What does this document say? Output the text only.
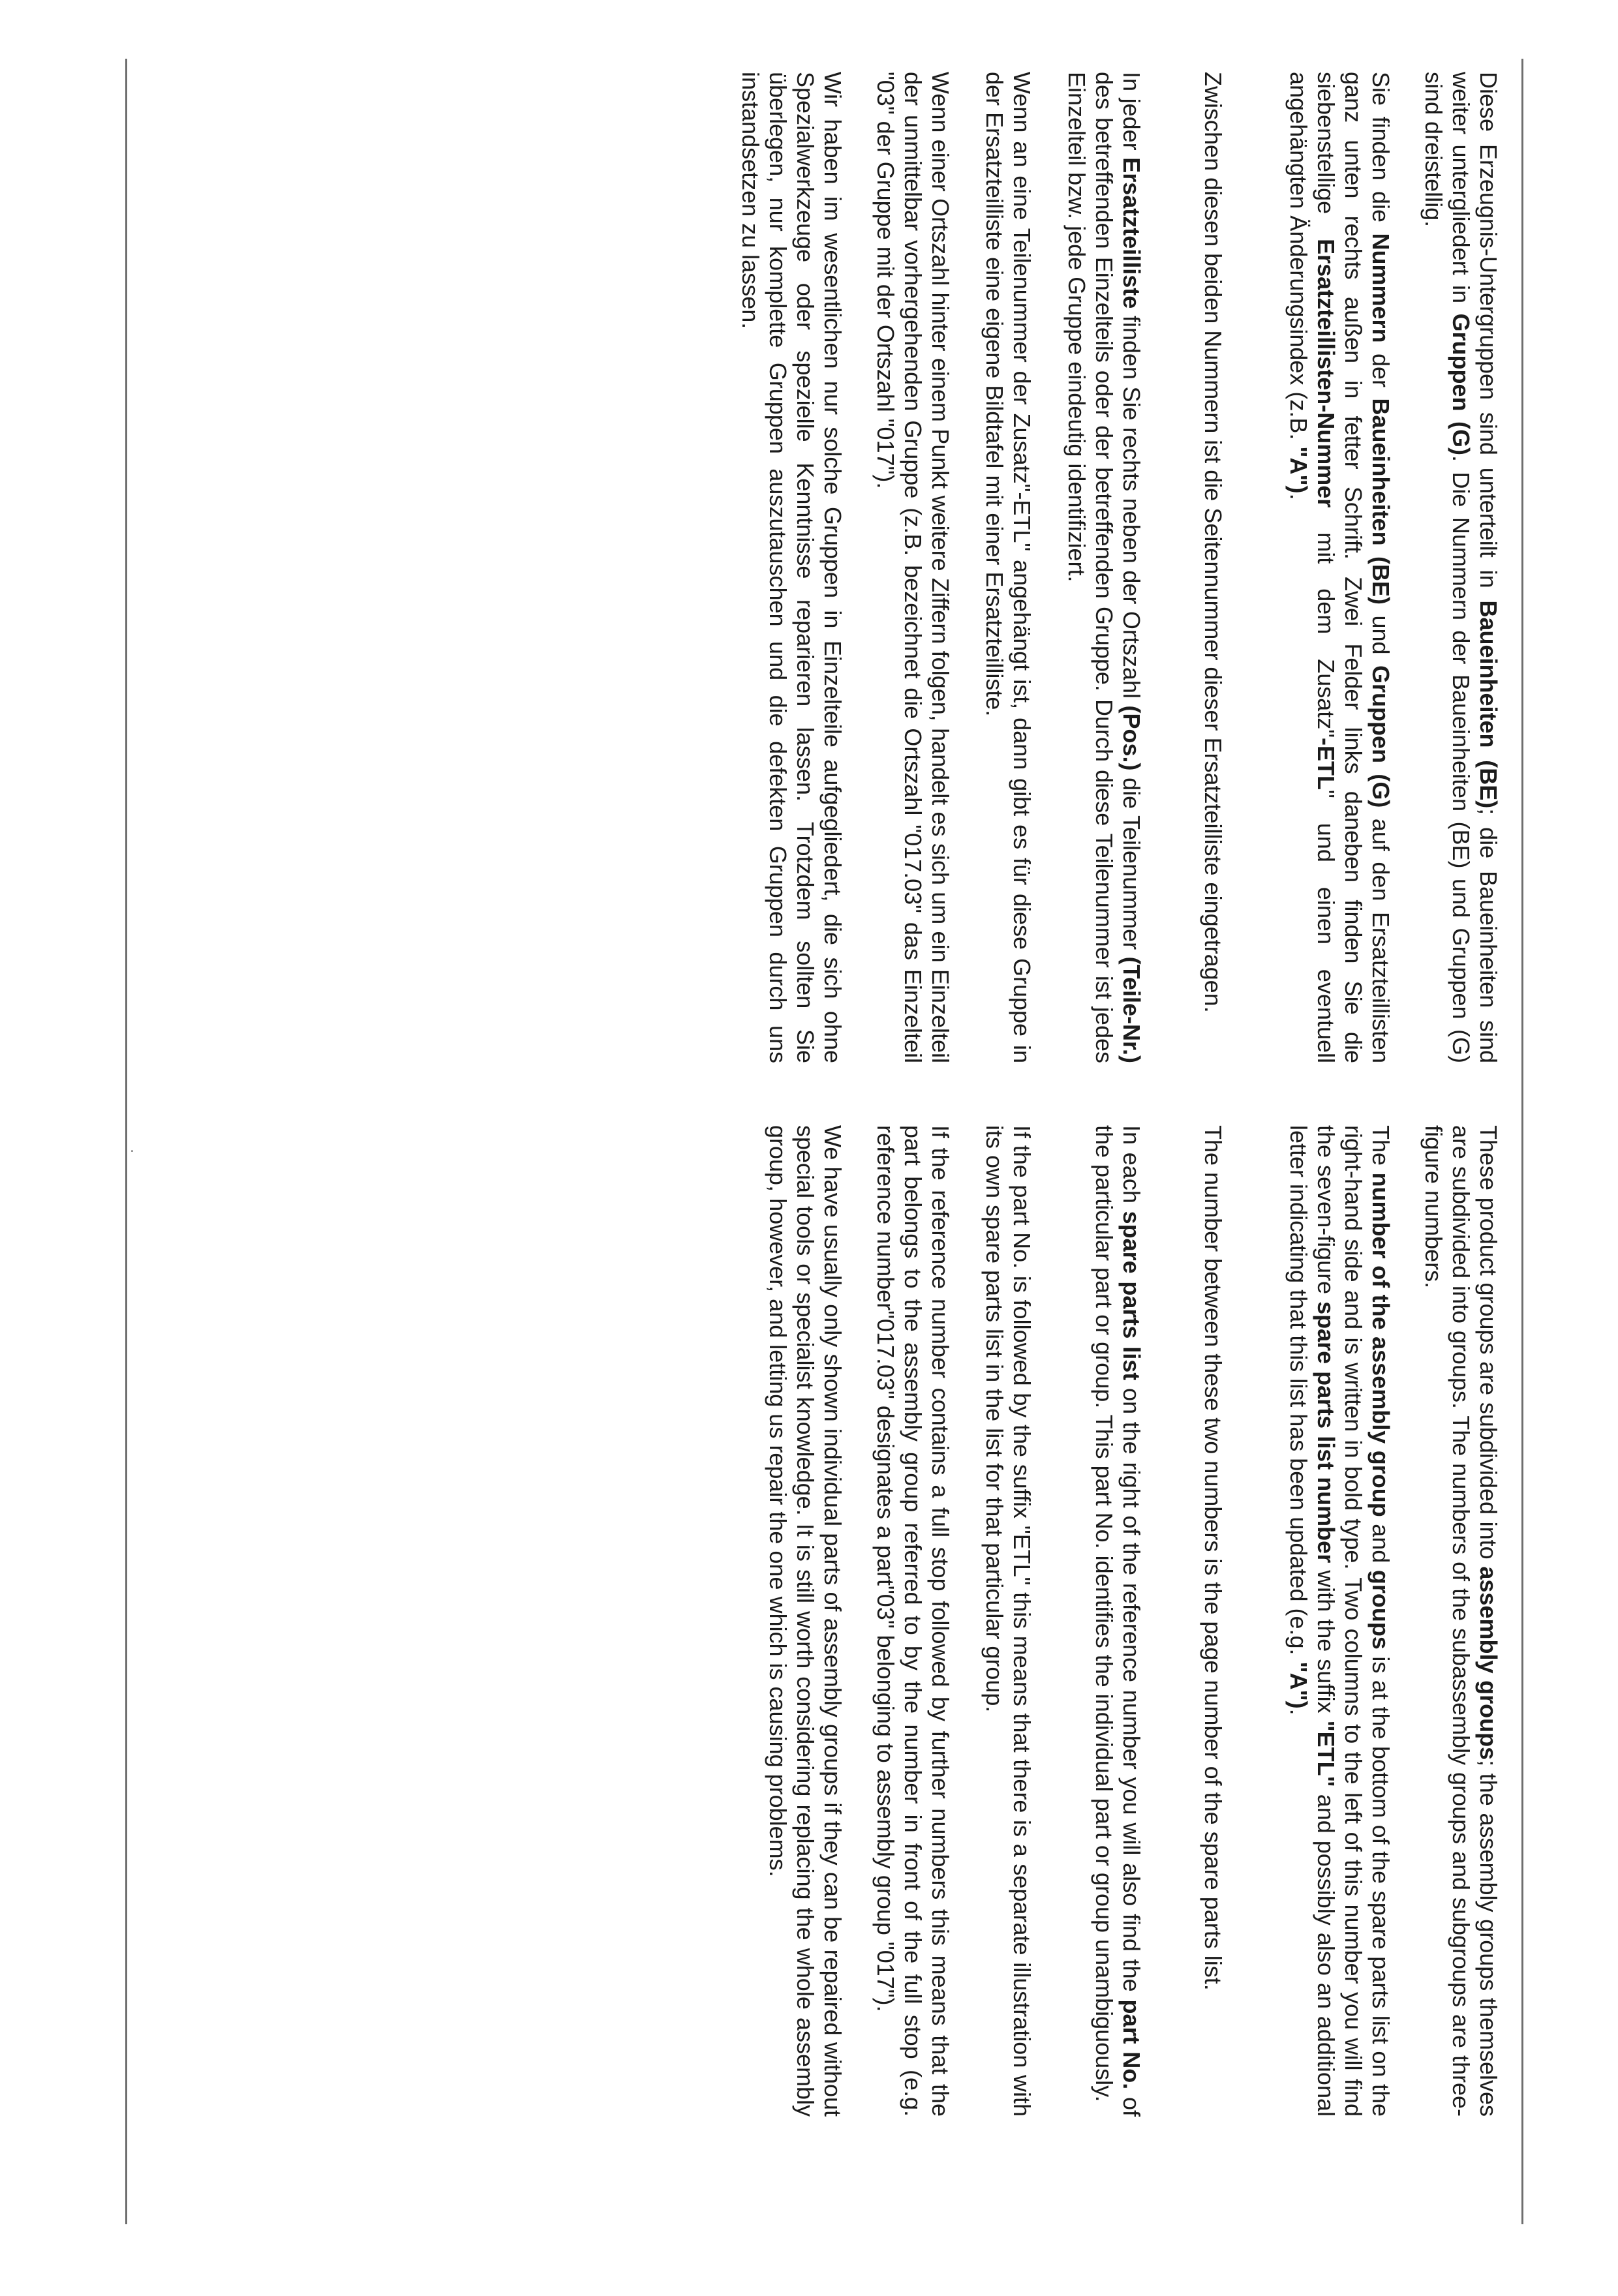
Diese Erzeugnis-Untergruppen sind unterteilt in Baueinheiten (BE); die Baueinheiten sind weiter untergliedert in Gruppen (G). Die Nummern der Baueinheiten (BE) und Gruppen (G) sind dreistellig.

Sie finden die Nummern der Baueinheiten (BE) und Gruppen (G) auf den Ersatzteillisten ganz unten rechts außen in fetter Schrift. Zwei Felder links daneben finden Sie die siebenstellige Ersatzteillisten-Nummer mit dem Zusatz"-ETL" und einen eventuell angehängten Änderungsindex (z.B. "A").

Zwischen diesen beiden Nummern ist die Seitennummer dieser Ersatzteilliste eingetragen.

In jeder Ersatzteilliste finden Sie rechts neben der Ortszahl (Pos.) die Teilenummer (Teile-Nr.) des betreffenden Einzelteils oder der betreffenden Gruppe. Durch diese Teilenummer ist jedes Einzelteil bzw. jede Gruppe eindeutig identifiziert.

Wenn an eine Teilenummer der Zusatz"-ETL" angehängt ist, dann gibt es für diese Gruppe in der Ersatzteilliste eine eigene Bildtafel mit einer Ersatzteilliste.

Wenn einer Ortszahl hinter einem Punkt weitere Ziffern folgen, handelt es sich um ein Einzelteil der unmittelbar vorhergehenden Gruppe (z.B. bezeichnet die Ortszahl "017.03" das Einzelteil "03" der Gruppe mit der Ortszahl "017").

Wir haben im wesentlichen nur solche Gruppen in Einzelteile aufgegliedert, die sich ohne Spezialwerkzeuge oder spezielle Kenntnisse reparieren lassen. Trotzdem sollten Sie überlegen, nur komplette Gruppen auszutauschen und die defekten Gruppen durch uns instandsetzen zu lassen.

These product groups are subdivided into assembly groups; the assembly groups themselves are subdivided into groups. The numbers of the subassembly groups and subgroups are three-figure numbers.

The number of the assembly group and groups is at the bottom of the spare parts list on the right-hand side and is written in bold type. Two columns to the left of this number you will find the seven-figure spare parts list number with the suffix "ETL" and possibly also an additional letter indicating that this list has been updated (e.g. "A").

The number between these two numbers is the page number of the spare parts list.

In each spare parts list on the right of the reference number you will also find the part No. of the particular part or group. This part No. identifies the individual part or group unambiguously.

If the part No. is followed by the suffix "ETL" this means that there is a separate illustration with its own spare parts list in the list for that particular group.

If the reference number contains a full stop followed by further numbers this means that the part belongs to the assembly group referred to by the number in front of the full stop (e.g. reference number"017.03" designates a part"03" belonging to assembly group "017").

We have usually only shown individual parts of assembly groups if they can be repaired without special tools or specialist knowledge. It is still worth considering replacing the whole assembly group, however, and letting us repair the one which is causing problems.

·
